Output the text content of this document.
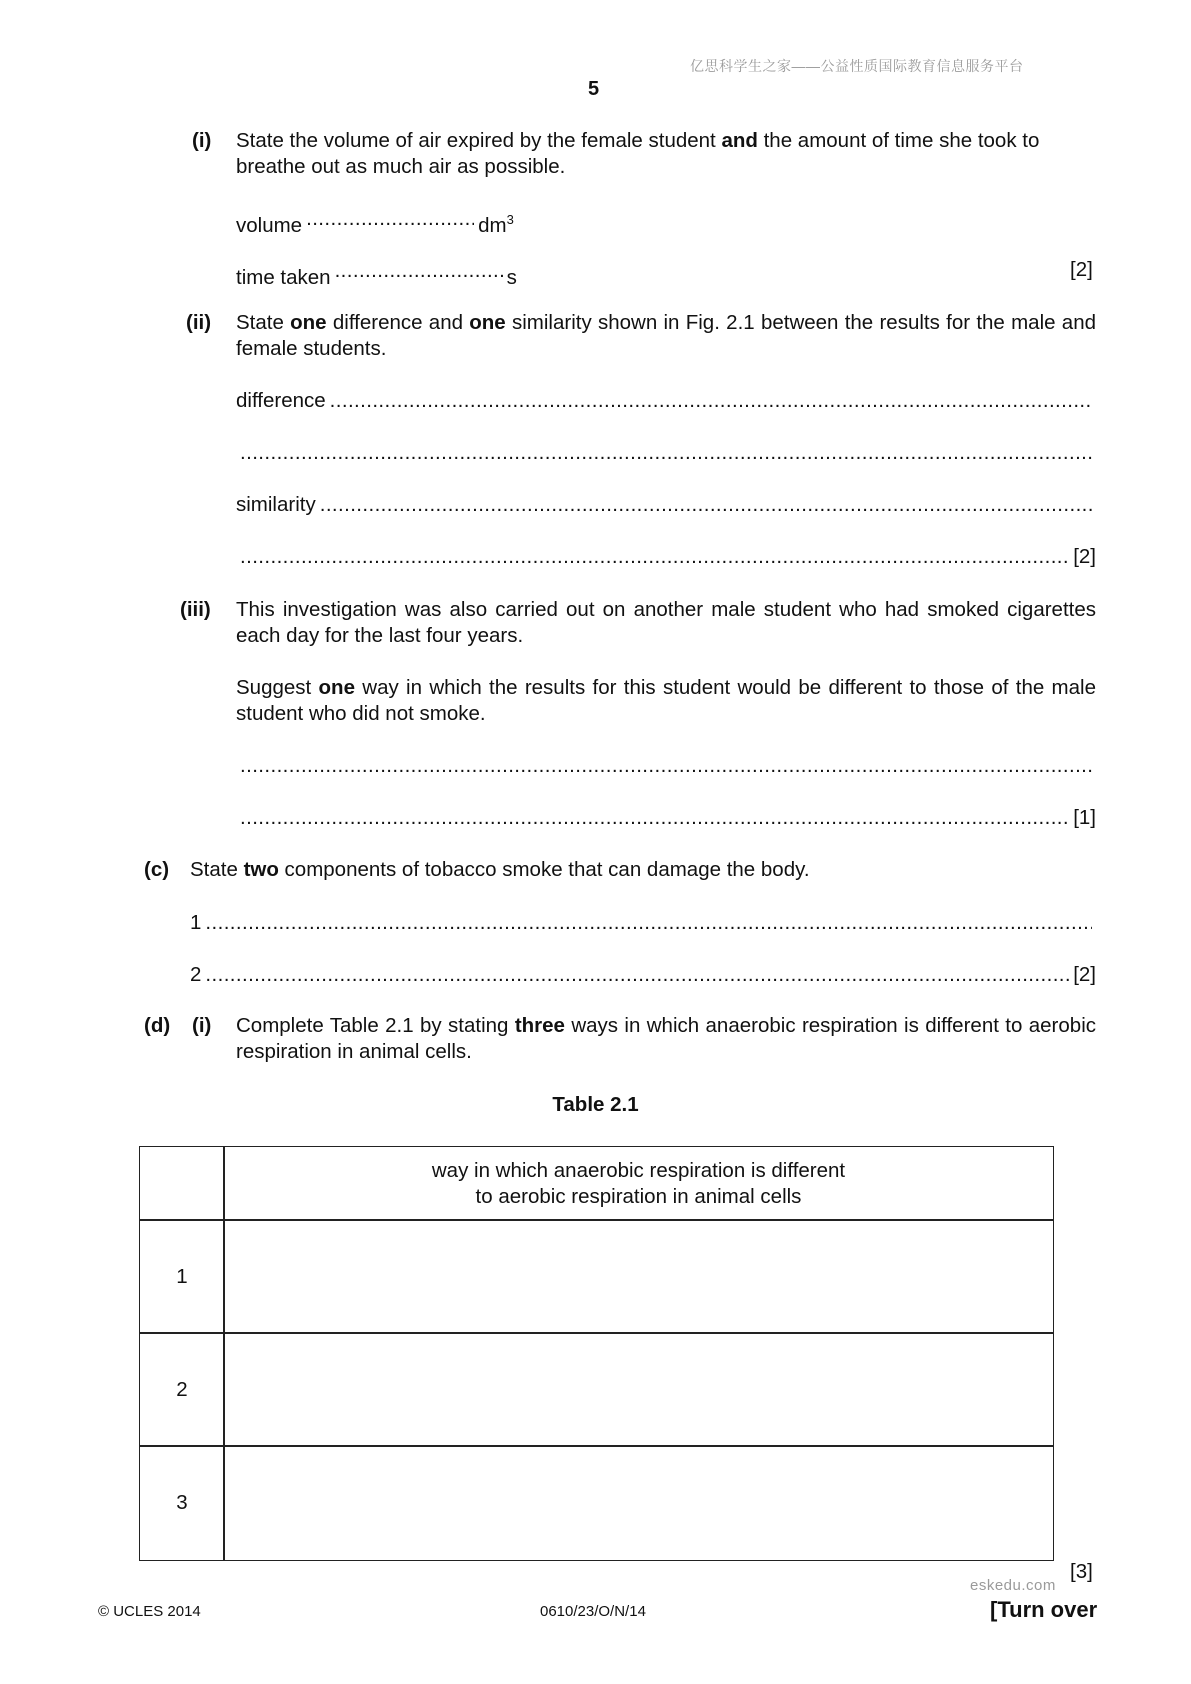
亿思科学生之家——公益性质国际教育信息服务平台
5
(i) State the volume of air expired by the female student and the amount of time she took to breathe out as much air as possible.
volume .....	$dm^3$
time taken .....	s	[2]
(ii) State one difference and one similarity shown in Fig. 2.1 between the results for the male and female students.
difference
.....
.....
similarity
.....
.....
[2]
(iii) This investigation was also carried out on another male student who had smoked cigarettes each day for the last four years.
Suggest one way in which the results for this student would be different to those of the male student who did not smoke.
.....
.....
[1]
(c) State two components of tobacco smoke that can damage the body.
1
.....
2 .....	[2]
(d) (i) Complete Table 2.1 by stating three ways in which anaerobic respiration is different to aerobic respiration in animal cells.
Table 2.1
way in which anaerobic respiration is different
to aerobic respiration in animal cells
1
2
3
[3]
eskedu.com
© UCLES 2014	0610/23/O/N/14	[Turn over
